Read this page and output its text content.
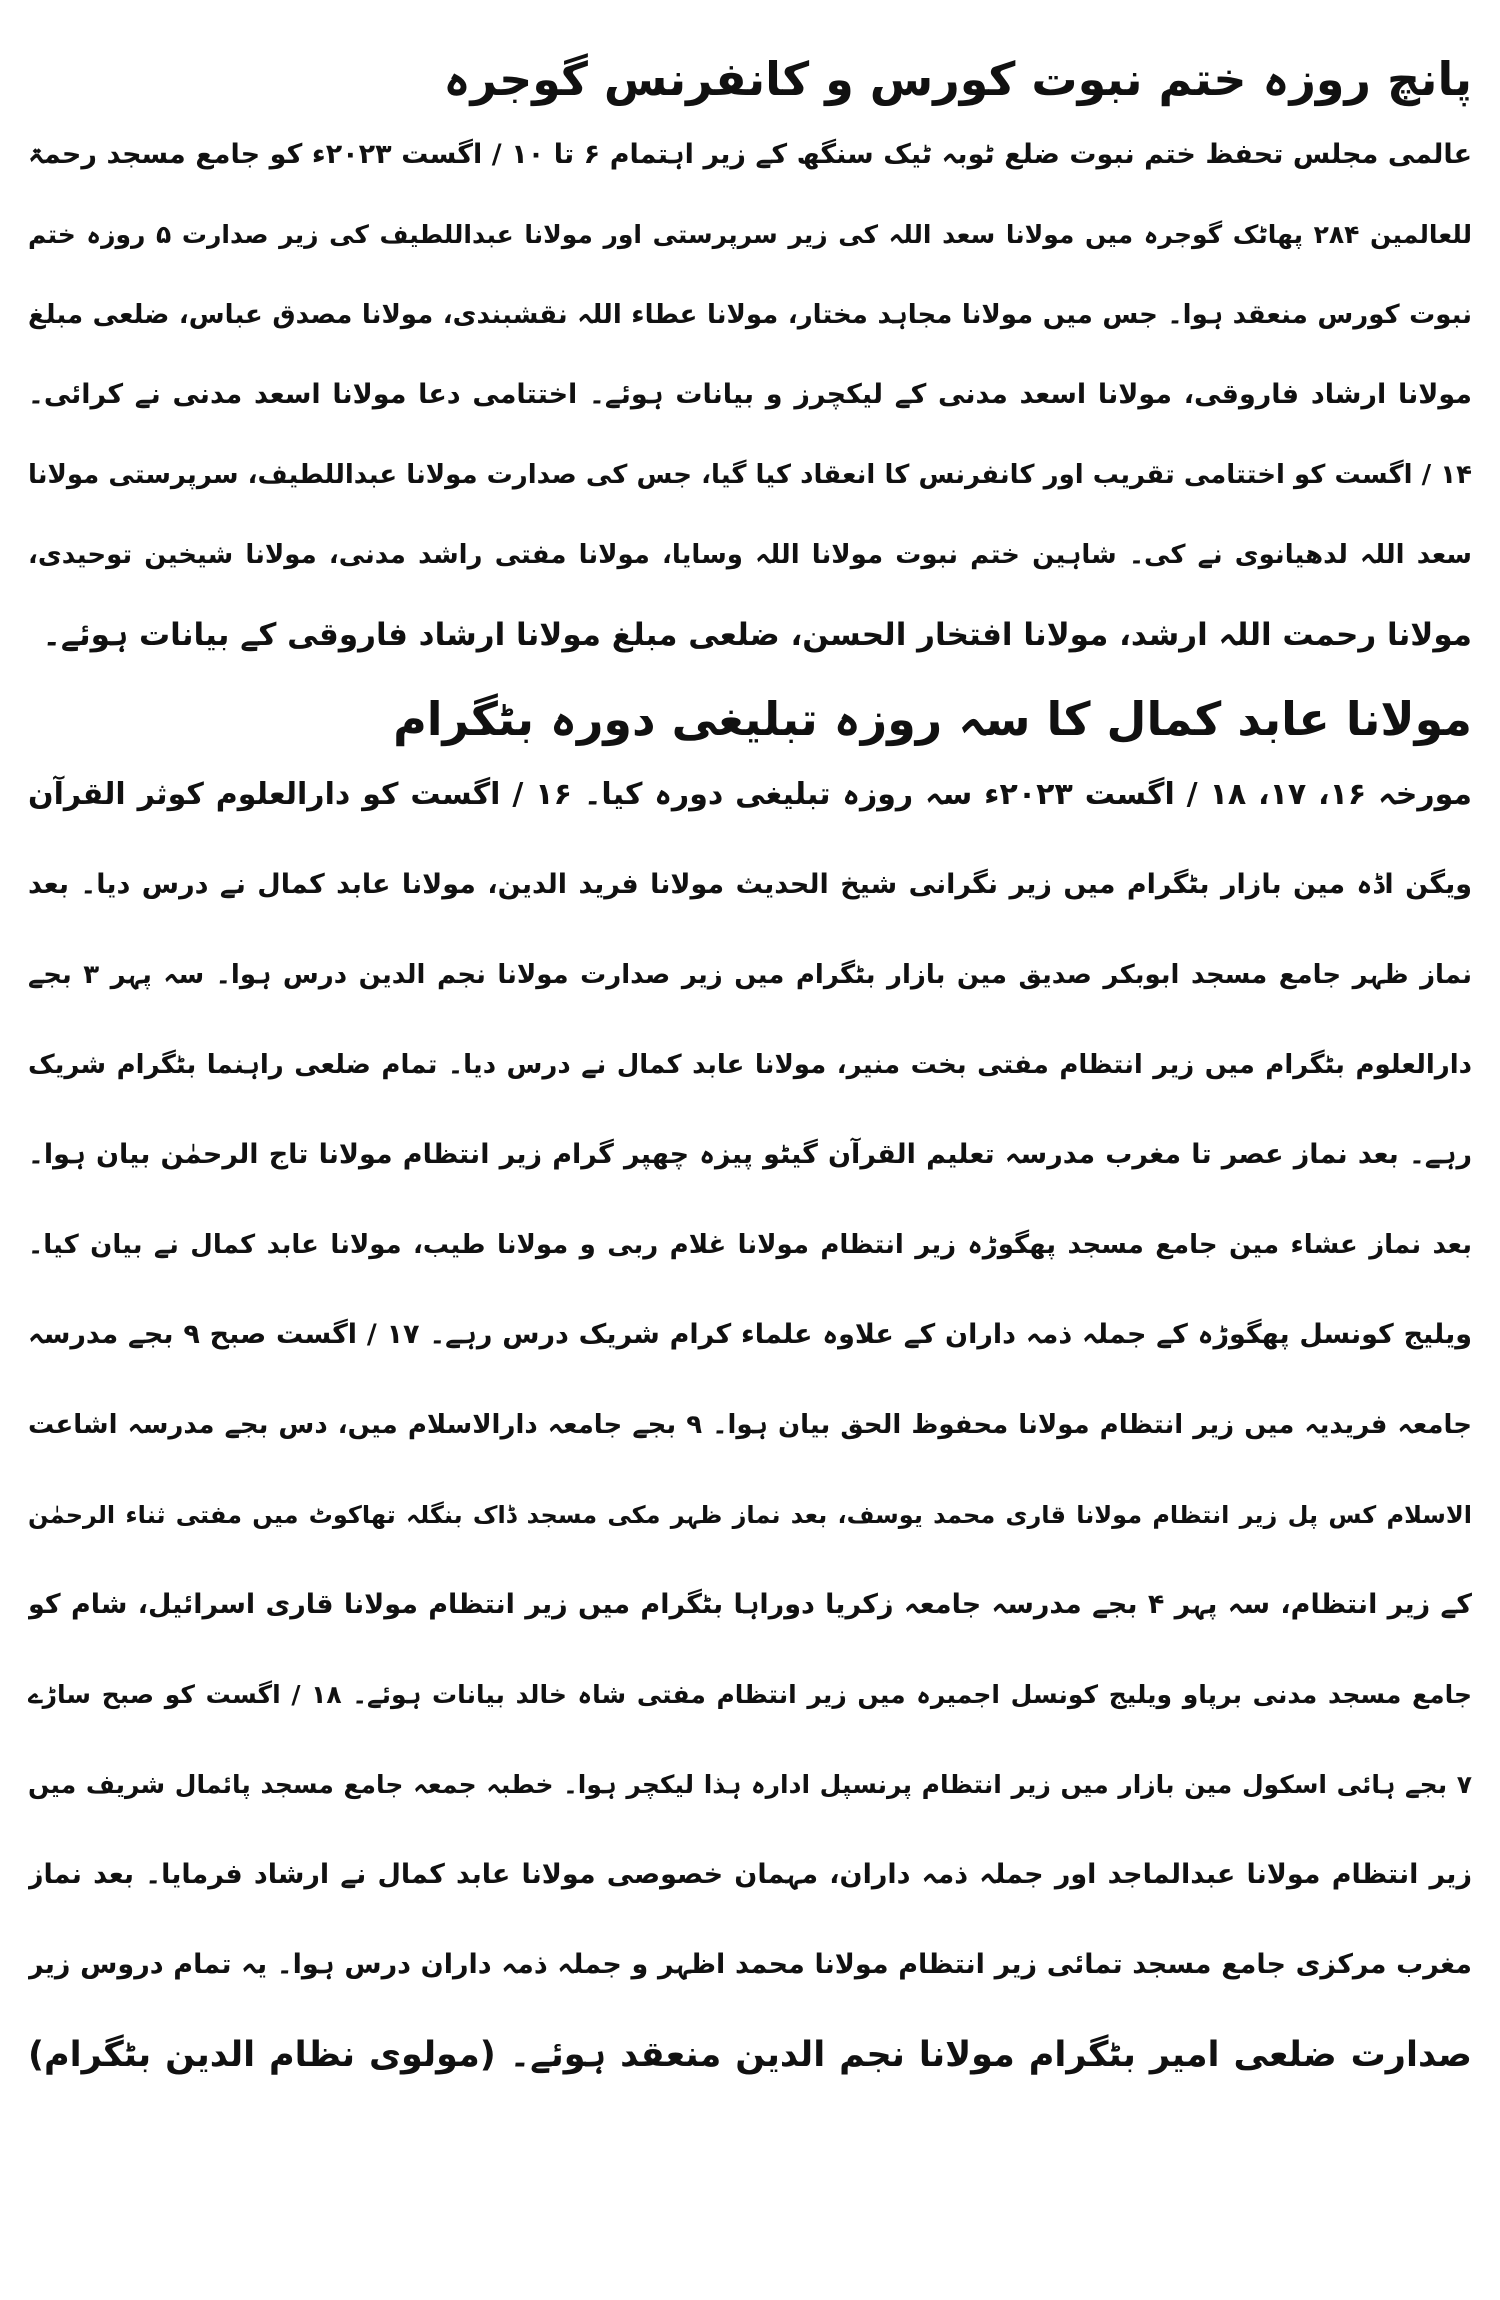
پانچ روزہ ختم نبوت کورس و کانفرنس گوجرہ
عالمی مجلس تحفظ ختم نبوت ضلع ٹوبہ ٹیک سنگھ کے زیر اہتمام ۶ تا ۱۰ / اگست ۲۰۲۳ء کو جامع مسجد رحمۃ
للعالمین ۲۸۴ پھاٹک گوجرہ میں مولانا سعد اللہ کی زیر سرپرستی اور مولانا عبداللطیف کی زیر صدارت ۵ روزہ ختم
نبوت کورس منعقد ہوا۔ جس میں مولانا مجاہد مختار، مولانا عطاء اللہ نقشبندی، مولانا مصدق عباس، ضلعی مبلغ
مولانا ارشاد فاروقی، مولانا اسعد مدنی کے لیکچرز و بیانات ہوئے۔ اختتامی دعا مولانا اسعد مدنی نے کرائی۔
۱۴ / اگست کو اختتامی تقریب اور کانفرنس کا انعقاد کیا گیا، جس کی صدارت مولانا عبداللطیف، سرپرستی مولانا
سعد اللہ لدھیانوی نے کی۔ شاہین ختم نبوت مولانا اللہ وسایا، مولانا مفتی راشد مدنی، مولانا شیخین توحیدی،
مولانا رحمت اللہ ارشد، مولانا افتخار الحسن، ضلعی مبلغ مولانا ارشاد فاروقی کے بیانات ہوئے۔
مولانا عابد کمال کا سہ روزہ تبلیغی دورہ بٹگرام
مورخہ ۱۶، ۱۷، ۱۸ / اگست ۲۰۲۳ء سہ روزہ تبلیغی دورہ کیا۔ ۱۶ / اگست کو دارالعلوم کوثر القرآن
ویگن اڈہ مین بازار بٹگرام میں زیر نگرانی شیخ الحدیث مولانا فرید الدین، مولانا عابد کمال نے درس دیا۔ بعد
نماز ظہر جامع مسجد ابوبکر صدیق مین بازار بٹگرام میں زیر صدارت مولانا نجم الدین درس ہوا۔ سہ پہر ۳ بجے
دارالعلوم بٹگرام میں زیر انتظام مفتی بخت منیر، مولانا عابد کمال نے درس دیا۔ تمام ضلعی راہنما بٹگرام شریک
رہے۔ بعد نماز عصر تا مغرب مدرسہ تعلیم القرآن گیٹو پیزہ چھپر گرام زیر انتظام مولانا تاج الرحمٰن بیان ہوا۔
بعد نماز عشاء مین جامع مسجد پھگوڑہ زیر انتظام مولانا غلام ربی و مولانا طیب، مولانا عابد کمال نے بیان کیا۔
ویلیج کونسل پھگوڑہ کے جملہ ذمہ داران کے علاوہ علماء کرام شریک درس رہے۔ ۱۷ / اگست صبح ۹ بجے مدرسہ
جامعہ فریدیہ میں زیر انتظام مولانا محفوظ الحق بیان ہوا۔ ۹ بجے جامعہ دارالاسلام میں، دس بجے مدرسہ اشاعت
الاسلام کس پل زیر انتظام مولانا قاری محمد یوسف، بعد نماز ظہر مکی مسجد ڈاک بنگلہ تھاکوٹ میں مفتی ثناء الرحمٰن
کے زیر انتظام، سہ پہر ۴ بجے مدرسہ جامعہ زکریا دوراہا بٹگرام میں زیر انتظام مولانا قاری اسرائیل، شام کو
جامع مسجد مدنی برپاو ویلیج کونسل اجمیرہ میں زیر انتظام مفتی شاہ خالد بیانات ہوئے۔ ۱۸ / اگست کو صبح ساڑے
۷ بجے ہائی اسکول مین بازار میں زیر انتظام پرنسپل ادارہ ہذا لیکچر ہوا۔ خطبہ جمعہ جامع مسجد پائمال شریف میں
زیر انتظام مولانا عبدالماجد اور جملہ ذمہ داران، مہمان خصوصی مولانا عابد کمال نے ارشاد فرمایا۔ بعد نماز
مغرب مرکزی جامع مسجد تمائی زیر انتظام مولانا محمد اظہر و جملہ ذمہ داران درس ہوا۔ یہ تمام دروس زیر
صدارت ضلعی امیر بٹگرام مولانا نجم الدین منعقد ہوئے۔ (مولوی نظام الدین بٹگرام)
